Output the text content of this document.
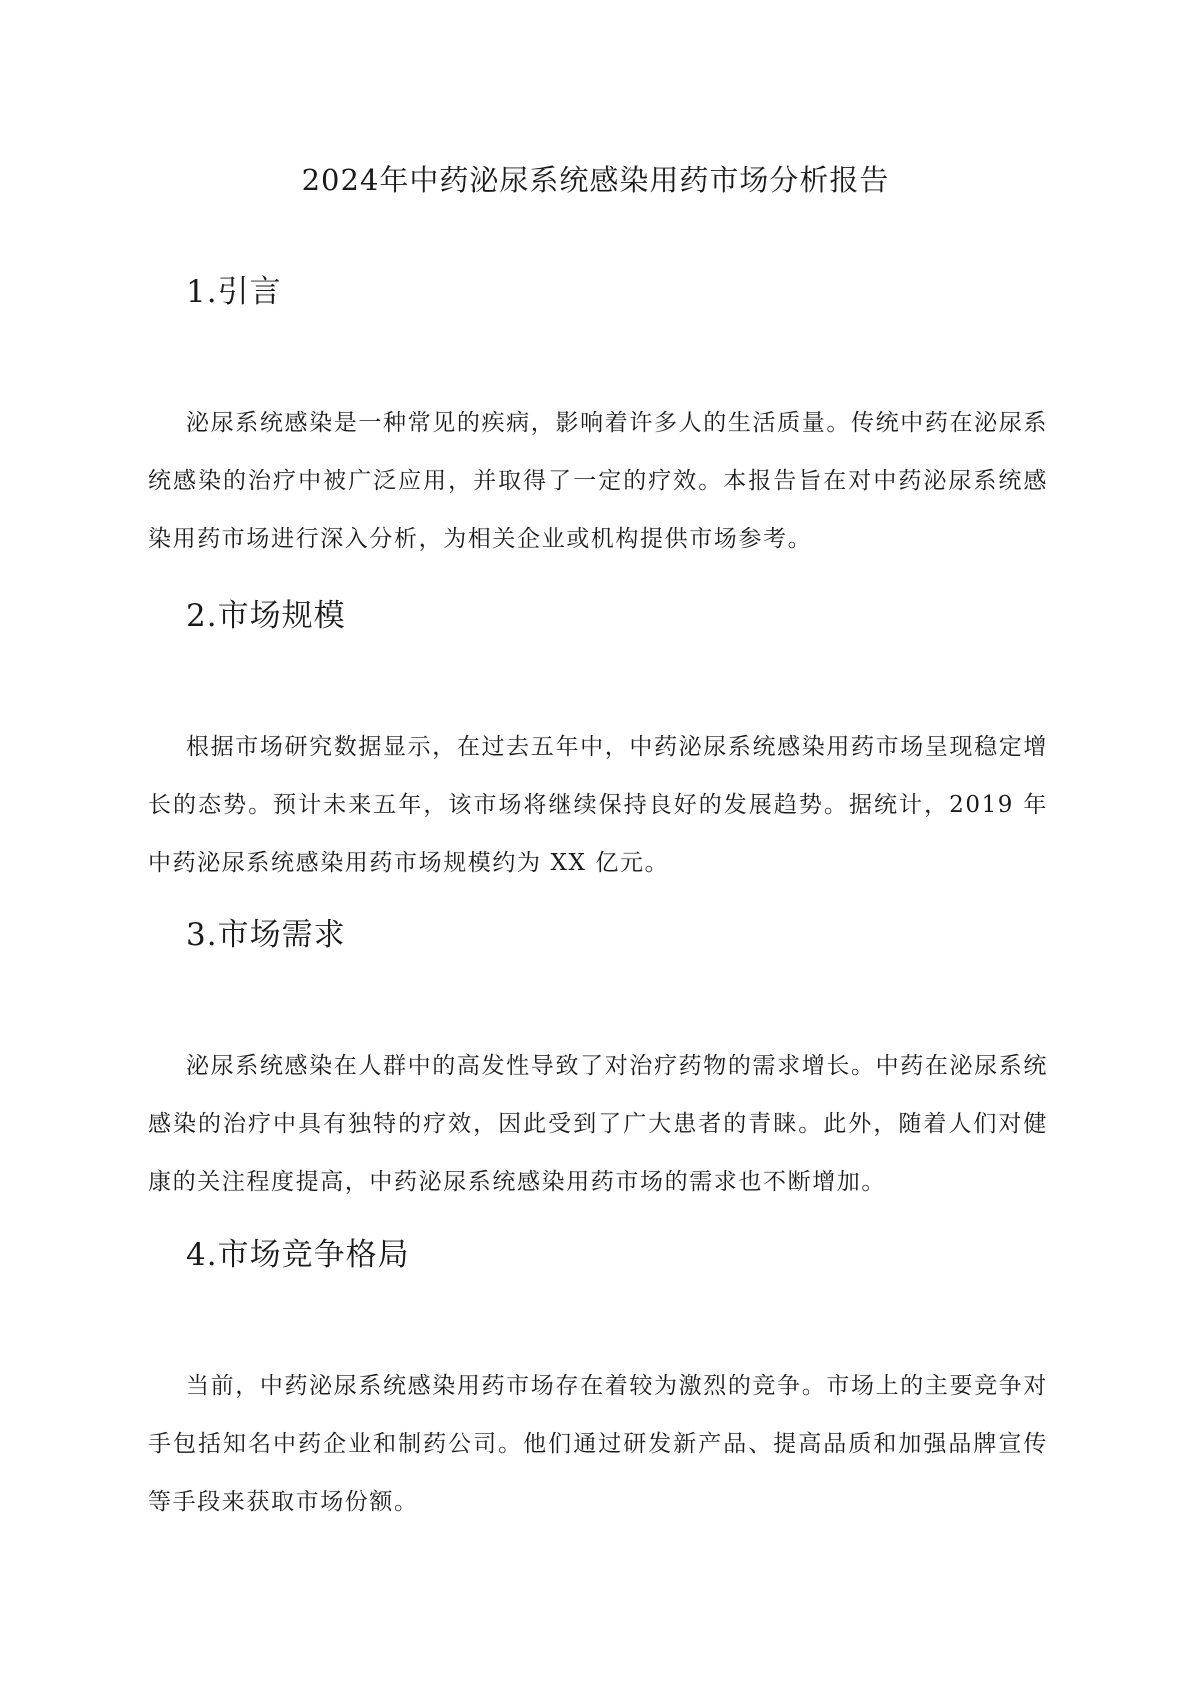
2024年中药泌尿系统感染用药市场分析报告
1.引言

泌尿系统感染是一种常见的疾病，影响着许多人的生活质量。传统中药在泌尿系统感染的治疗中被广泛应用，并取得了一定的疗效。本报告旨在对中药泌尿系统感染用药市场进行深入分析，为相关企业或机构提供市场参考。

2.市场规模

根据市场研究数据显示，在过去五年中，中药泌尿系统感染用药市场呈现稳定增长的态势。预计未来五年，该市场将继续保持良好的发展趋势。据统计，2019 年中药泌尿系统感染用药市场规模约为 XX 亿元。

3.市场需求

泌尿系统感染在人群中的高发性导致了对治疗药物的需求增长。中药在泌尿系统感染的治疗中具有独特的疗效，因此受到了广大患者的青睐。此外，随着人们对健康的关注程度提高，中药泌尿系统感染用药市场的需求也不断增加。

4.市场竞争格局

当前，中药泌尿系统感染用药市场存在着较为激烈的竞争。市场上的主要竞争对手包括知名中药企业和制药公司。他们通过研发新产品、提高品质和加强品牌宣传等手段来获取市场份额。
